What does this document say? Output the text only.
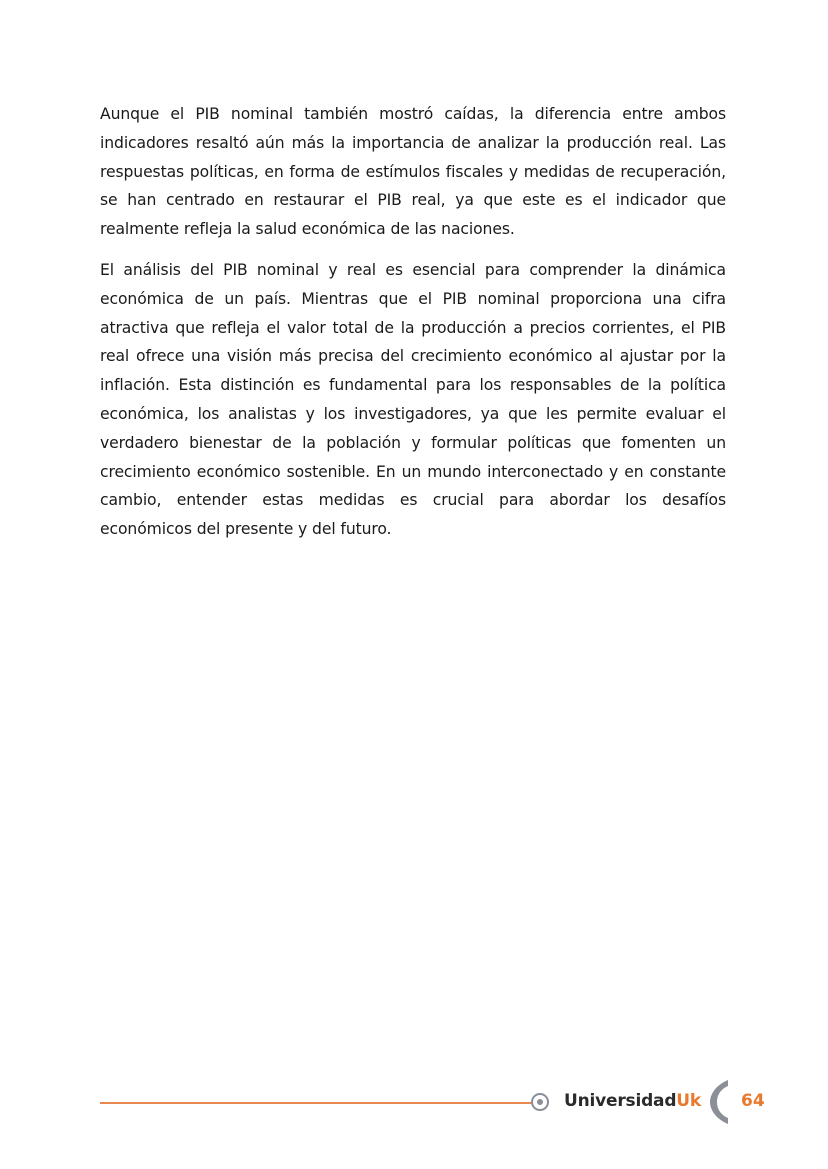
Aunque el PIB nominal también mostró caídas, la diferencia entre ambos indicadores resaltó aún más la importancia de analizar la producción real. Las respuestas políticas, en forma de estímulos fiscales y medidas de recuperación, se han centrado en restaurar el PIB real, ya que este es el indicador que realmente refleja la salud económica de las naciones.

El análisis del PIB nominal y real es esencial para comprender la dinámica económica de un país. Mientras que el PIB nominal proporciona una cifra atractiva que refleja el valor total de la producción a precios corrientes, el PIB real ofrece una visión más precisa del crecimiento económico al ajustar por la inflación. Esta distinción es fundamental para los responsables de la política económica, los analistas y los investigadores, ya que les permite evaluar el verdadero bienestar de la población y formular políticas que fomenten un crecimiento económico sostenible. En un mundo interconectado y en constante cambio, entender estas medidas es crucial para abordar los desafíos económicos del presente y del futuro.

UniversidadUk 64
